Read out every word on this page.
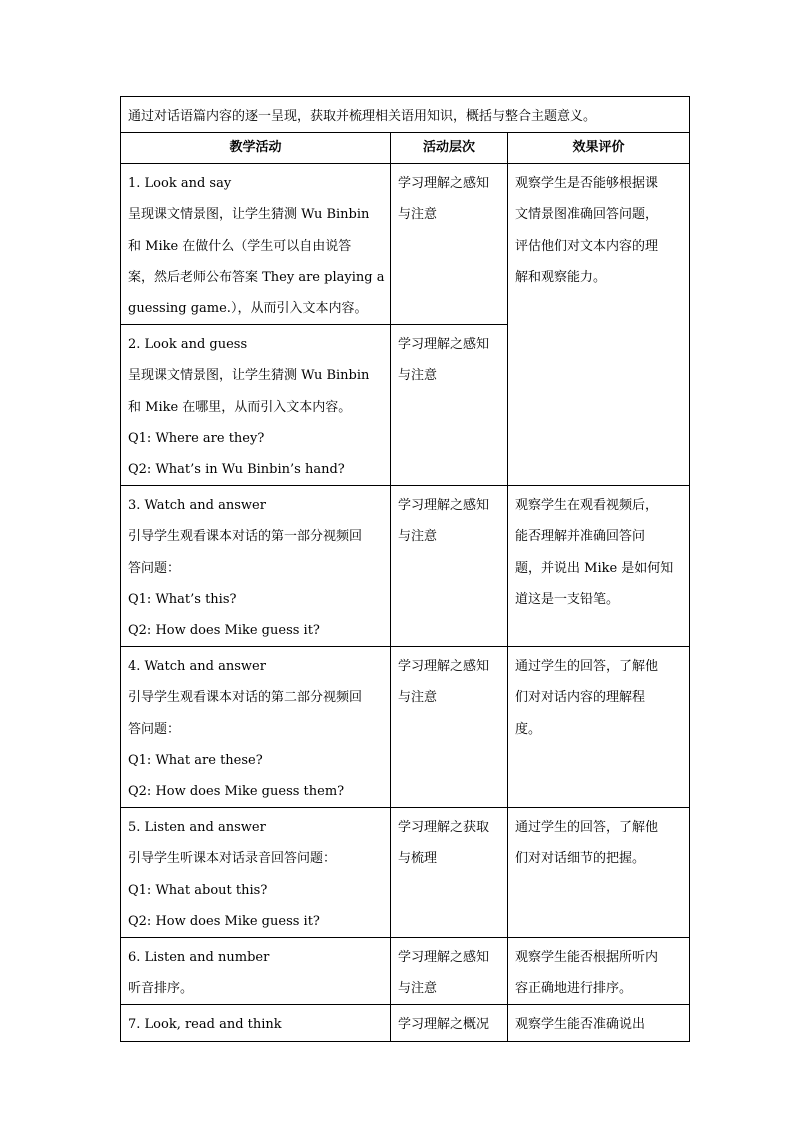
通过对话语篇内容的逐一呈现，获取并梳理相关语用知识，概括与整合主题意义。		
教学活动	活动层次	效果评价

1. Look and say
呈现课文情景图，让学生猜测 Wu Binbin
和 Mike 在做什么（学生可以自由说答
案，然后老师公布答案 They are playing a
guessing game.），从而引入文本内容。	学习理解之感知
与注意	观察学生是否能够根据课
文情景图准确回答问题，
评估他们对文本内容的理
解和观察能力。

2. Look and guess
呈现课文情景图，让学生猜测 Wu Binbin
和 Mike 在哪里，从而引入文本内容。
Q1: Where are they?
Q2: What’s in Wu Binbin’s hand?	学习理解之感知
与注意	

3. Watch and answer
引导学生观看课本对话的第一部分视频回
答问题：
Q1: What’s this?
Q2: How does Mike guess it?	学习理解之感知
与注意	观察学生在观看视频后，
能否理解并准确回答问
题，并说出 Mike 是如何知
道这是一支铅笔。

4. Watch and answer
引导学生观看课本对话的第二部分视频回
答问题：
Q1: What are these?
Q2: How does Mike guess them?	学习理解之感知
与注意	通过学生的回答，了解他
们对对话内容的理解程
度。

5. Listen and answer
引导学生听课本对话录音回答问题：
Q1: What about this?
Q2: How does Mike guess it?	学习理解之获取
与梳理	通过学生的回答，了解他
们对对话细节的把握。

6. Listen and number
听音排序。	学习理解之感知
与注意	观察学生能否根据所听内
容正确地进行排序。

7. Look, read and think	学习理解之概况	观察学生能否准确说出
